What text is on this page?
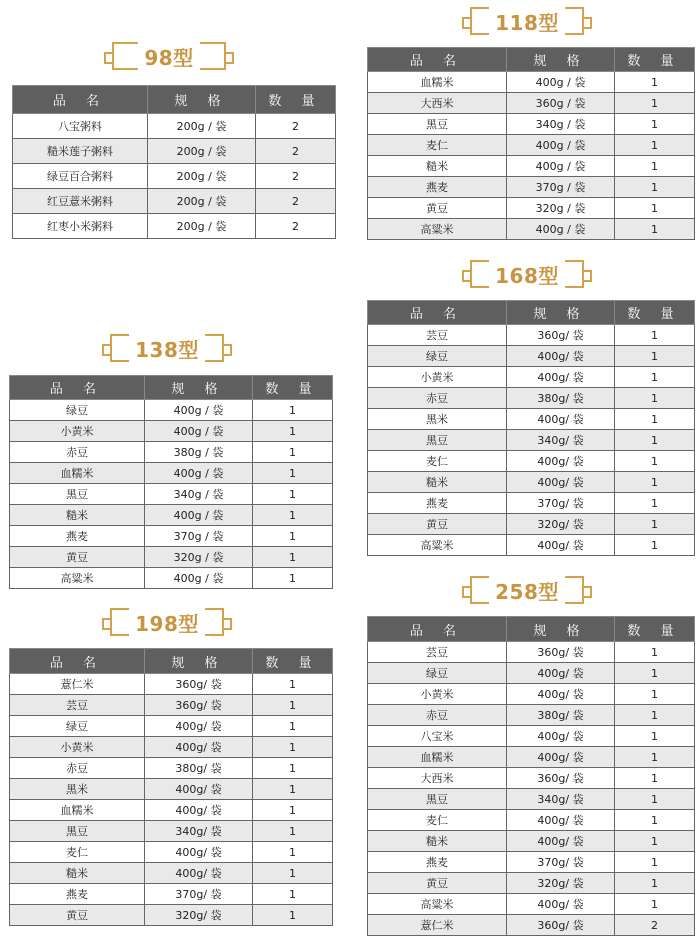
98型
品 名	规 格	数 量
八宝粥料	200g / 袋	2
糙米莲子粥料	200g / 袋	2
绿豆百合粥料	200g / 袋	2
红豆薏米粥料	200g / 袋	2
红枣小米粥料	200g / 袋	2
118型
品 名	规 格	数 量
血糯米	400g / 袋	1
大西米	360g / 袋	1
黑豆	340g / 袋	1
麦仁	400g / 袋	1
糙米	400g / 袋	1
燕麦	370g / 袋	1
黄豆	320g / 袋	1
高粱米	400g / 袋	1
168型
品 名	规 格	数 量
芸豆	360g/ 袋	1
绿豆	400g/ 袋	1
小黄米	400g/ 袋	1
赤豆	380g/ 袋	1
黑米	400g/ 袋	1
黑豆	340g/ 袋	1
麦仁	400g/ 袋	1
糙米	400g/ 袋	1
燕麦	370g/ 袋	1
黄豆	320g/ 袋	1
高粱米	400g/ 袋	1
138型
品 名	规 格	数 量
绿豆	400g / 袋	1
小黄米	400g / 袋	1
赤豆	380g / 袋	1
血糯米	400g / 袋	1
黑豆	340g / 袋	1
糙米	400g / 袋	1
燕麦	370g / 袋	1
黄豆	320g / 袋	1
高粱米	400g / 袋	1
198型
品 名	规 格	数 量
薏仁米	360g/ 袋	1
芸豆	360g/ 袋	1
绿豆	400g/ 袋	1
小黄米	400g/ 袋	1
赤豆	380g/ 袋	1
黑米	400g/ 袋	1
血糯米	400g/ 袋	1
黑豆	340g/ 袋	1
麦仁	400g/ 袋	1
糙米	400g/ 袋	1
燕麦	370g/ 袋	1
黄豆	320g/ 袋	1
258型
品 名	规 格	数 量
芸豆	360g/ 袋	1
绿豆	400g/ 袋	1
小黄米	400g/ 袋	1
赤豆	380g/ 袋	1
八宝米	400g/ 袋	1
血糯米	400g/ 袋	1
大西米	360g/ 袋	1
黑豆	340g/ 袋	1
麦仁	400g/ 袋	1
糙米	400g/ 袋	1
燕麦	370g/ 袋	1
黄豆	320g/ 袋	1
高粱米	400g/ 袋	1
薏仁米	360g/ 袋	2
